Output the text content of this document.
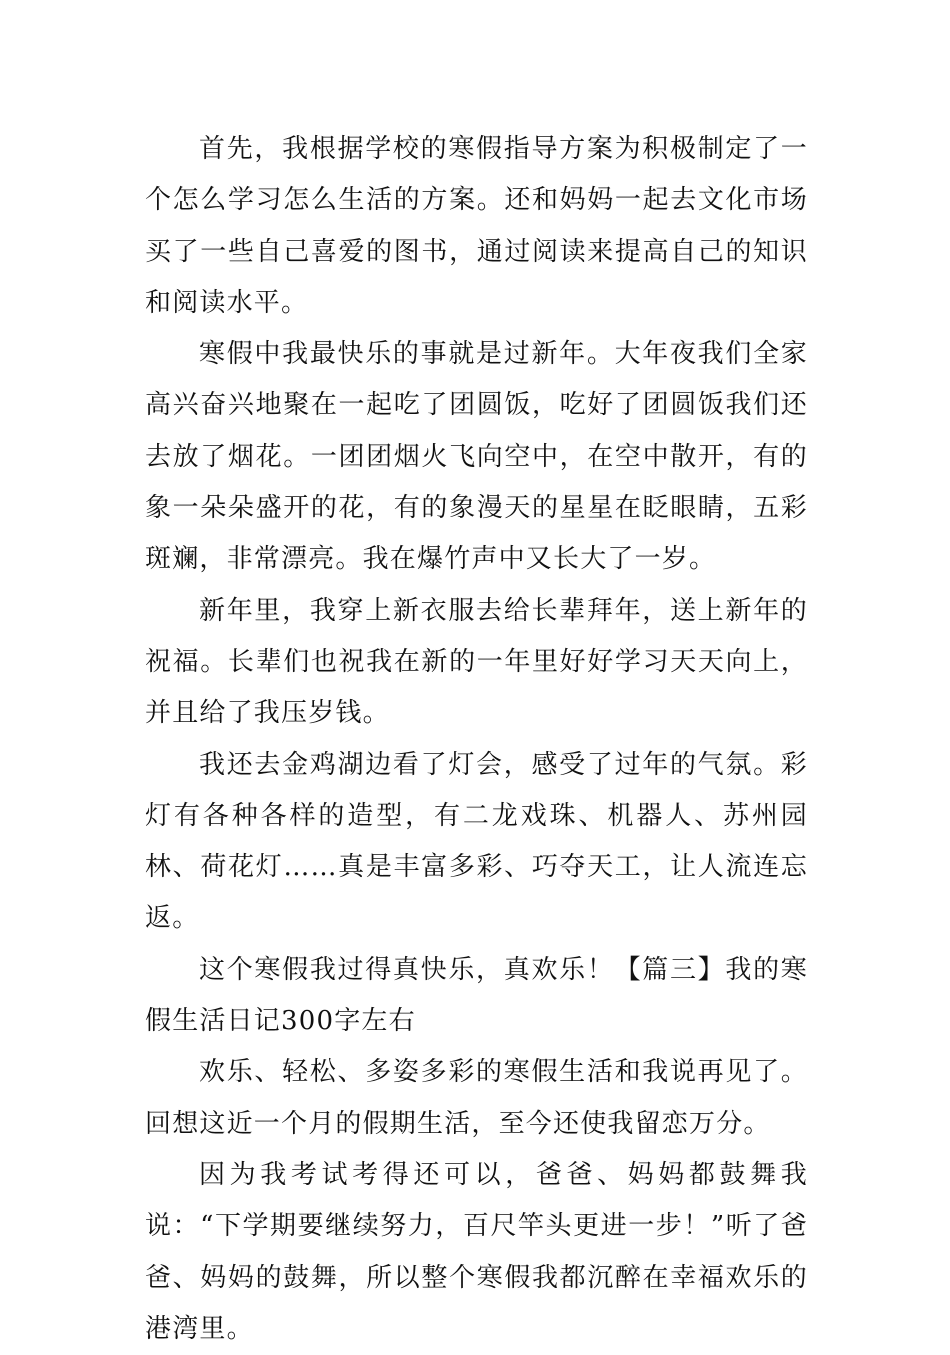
首先，我根据学校的寒假指导方案为积极制定了一个怎么学习怎么生活的方案。还和妈妈一起去文化市场买了一些自己喜爱的图书，通过阅读来提高自己的知识和阅读水平。

寒假中我最快乐的事就是过新年。大年夜我们全家高兴奋兴地聚在一起吃了团圆饭，吃好了团圆饭我们还去放了烟花。一团团烟火飞向空中，在空中散开，有的象一朵朵盛开的花，有的象漫天的星星在眨眼睛，五彩斑斓，非常漂亮。我在爆竹声中又长大了一岁。

新年里，我穿上新衣服去给长辈拜年，送上新年的祝福。长辈们也祝我在新的一年里好好学习天天向上，并且给了我压岁钱。

我还去金鸡湖边看了灯会，感受了过年的气氛。彩灯有各种各样的造型，有二龙戏珠、机器人、苏州园林、荷花灯……真是丰富多彩、巧夺天工，让人流连忘返。

这个寒假我过得真快乐，真欢乐！【篇三】我的寒假生活日记300字左右

欢乐、轻松、多姿多彩的寒假生活和我说再见了。回想这近一个月的假期生活，至今还使我留恋万分。

因为我考试考得还可以，爸爸、妈妈都鼓舞我说：“下学期要继续努力，百尺竿头更进一步！”听了爸爸、妈妈的鼓舞，所以整个寒假我都沉醉在幸福欢乐的港湾里。
